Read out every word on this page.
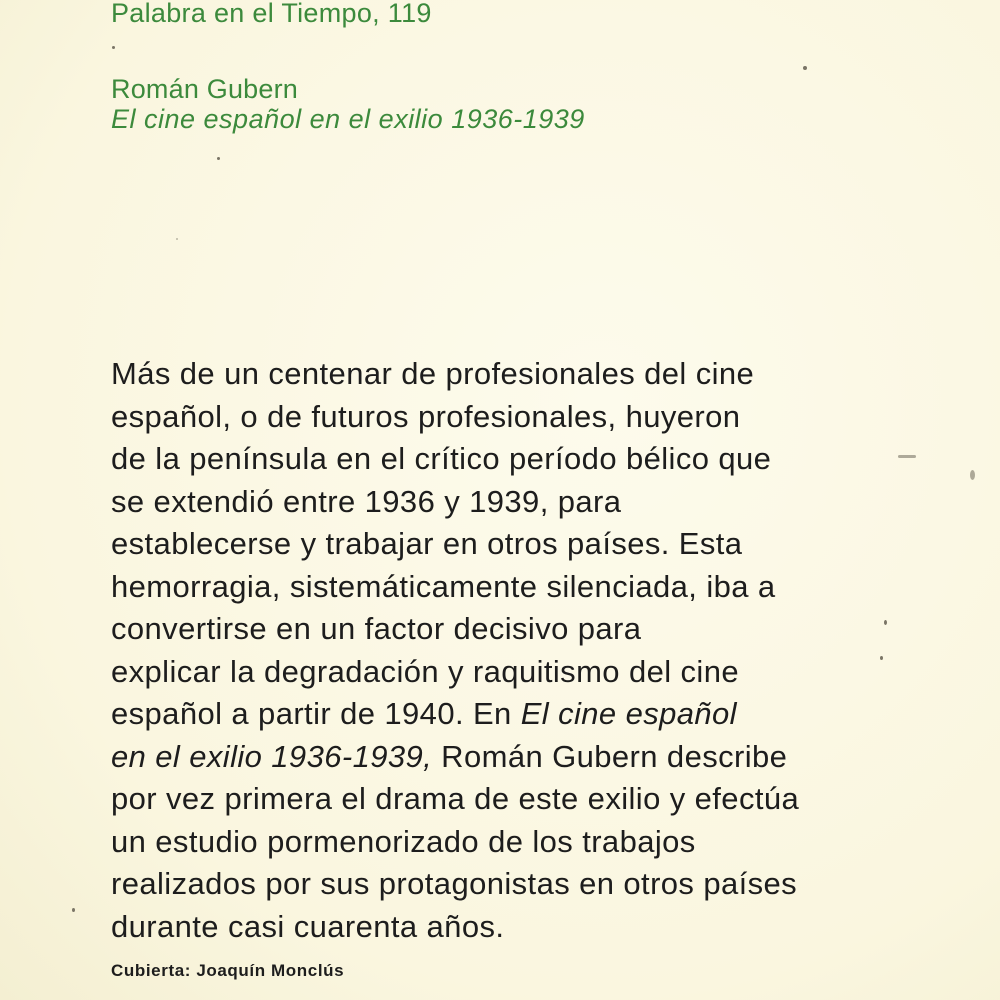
Palabra en el Tiempo, 119
Román Gubern
El cine español en el exilio 1936-1939
Más de un centenar de profesionales del cine
español, o de futuros profesionales, huyeron
de la península en el crítico período bélico que
se extendió entre 1936 y 1939, para
establecerse y trabajar en otros países. Esta
hemorragia, sistemáticamente silenciada, iba a
convertirse en un factor decisivo para
explicar la degradación y raquitismo del cine
español a partir de 1940. En El cine español
en el exilio 1936-1939, Román Gubern describe
por vez primera el drama de este exilio y efectúa
un estudio pormenorizado de los trabajos
realizados por sus protagonistas en otros países
durante casi cuarenta años.
Cubierta: Joaquín Monclús
